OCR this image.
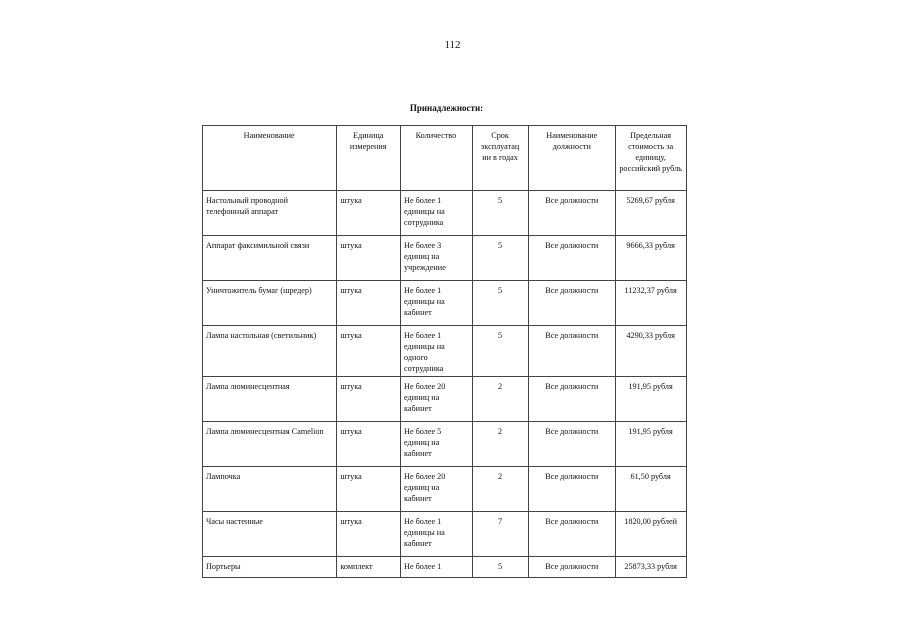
112
Принадлежности:
Наименование	Единица измерения	Количество	Срок эксплуатац ии в годах	Наименование должности	Предельная стоимость за единицу, российский рубль
Настольный проводной телефонный аппарат	штука	Не более 1 единицы на сотрудника	5	Все должности	5269,67 рубля
Аппарат факсимильной связи	штука	Не более 3 единиц на учреждение	5	Все должности	9666,33 рубля
Уничтожитель бумаг (шредер)	штука	Не более 1 единицы на кабинет	5	Все должности	11232,37 рубля
Лампа настольная (светильник)	штука	Не более 1 единицы на одного сотрудника	5	Все должности	4290,33 рубля
Лампа люминесцентная	штука	Не более 20 единиц на кабинет	2	Все должности	191,95 рубля
Лампа люминесцентная Camelion	штука	Не более 5 единиц на кабинет	2	Все должности	191,95 рубля
Лампочка	штука	Не более 20 единиц на кабинет	2	Все должности	61,50 рубля
Часы настенные	штука	Не более 1 единицы на кабинет	7	Все должности	1820,00 рублей
Портьеры	комплект	Не более 1	5	Все должности	25873,33 рубля
